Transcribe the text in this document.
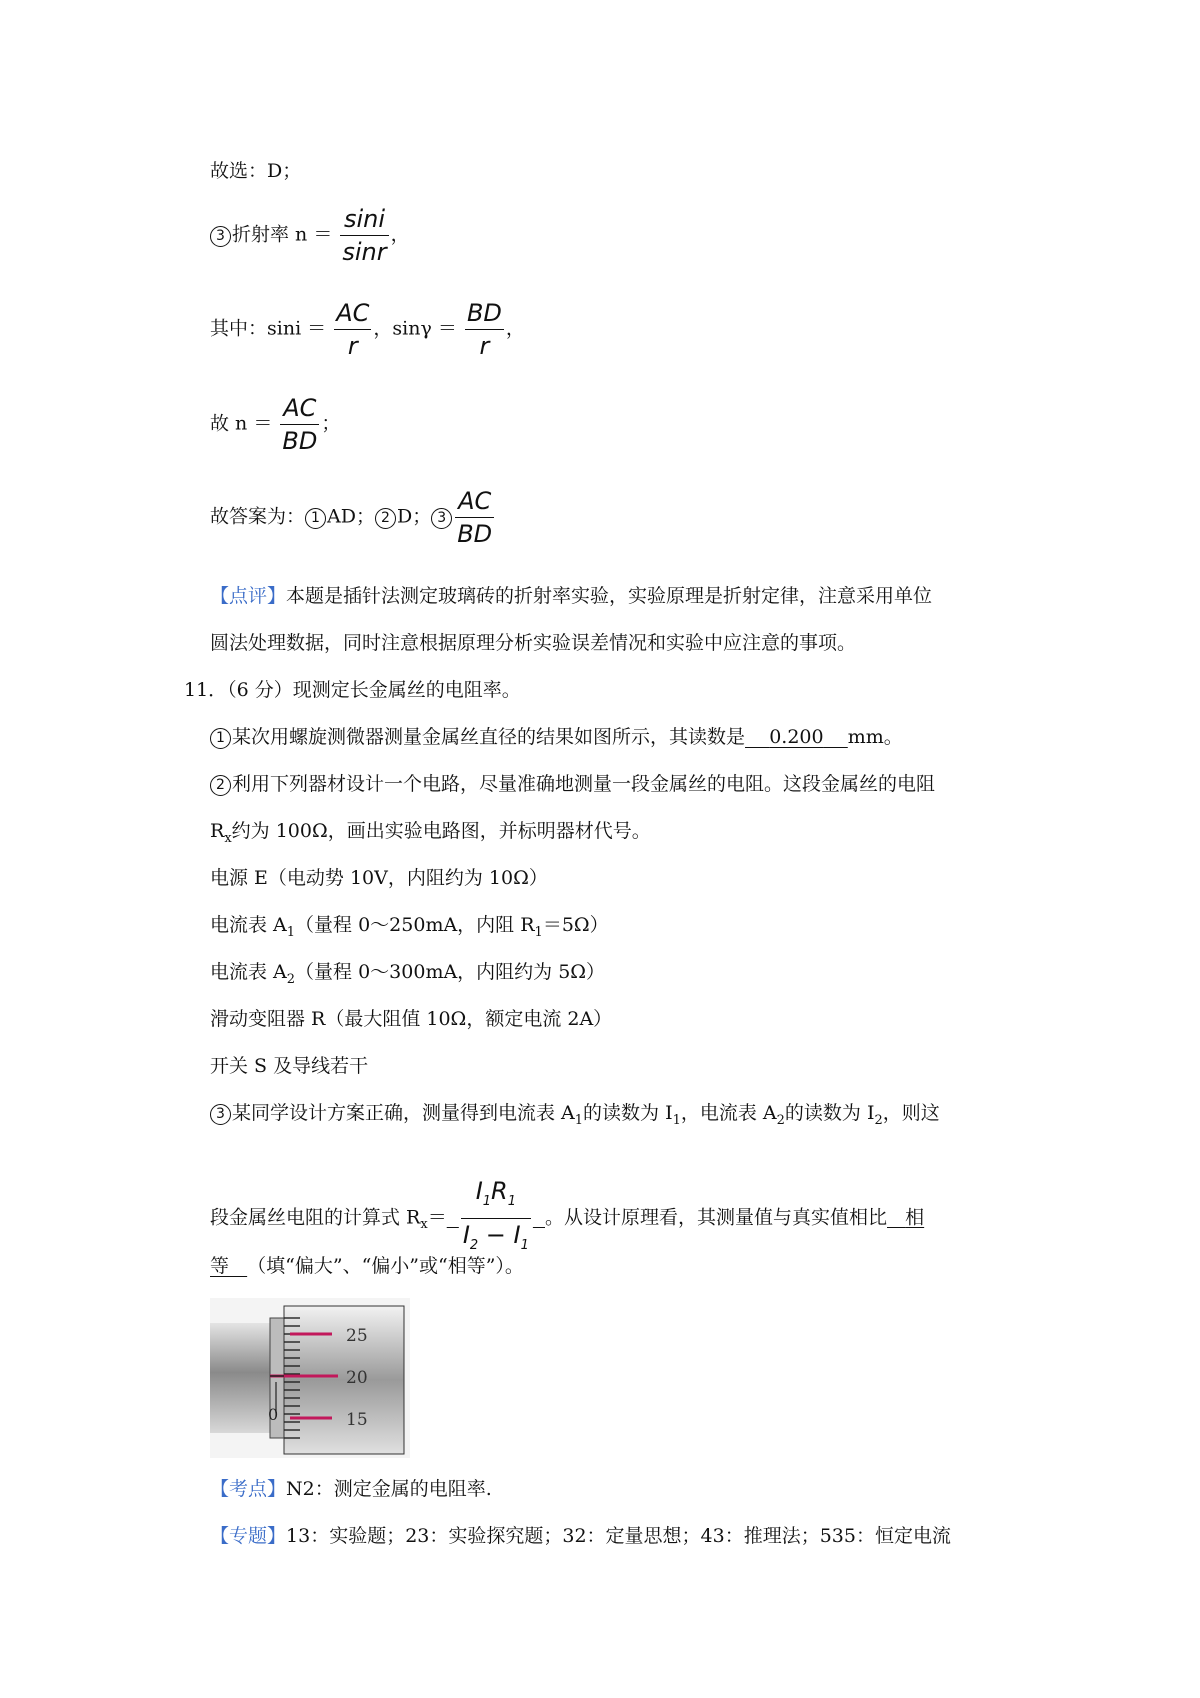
故选：D；
3 折射率 $n = \frac{\sin i}{\sin r}$ ，
其中：$\sin i = \frac{AC}{r}$ ，$\sin\gamma = \frac{BD}{r}$ ，
故 $n = \frac{AC}{BD}$ ；
故答案为： 1 AD； 2 D； $3 \frac{AC}{BD}$
【点评】本题是插针法测定玻璃砖的折射率实验，实验原理是折射定律，注意采用单位
圆法处理数据，同时注意根据原理分析实验误差情况和实验中应注意的事项。
11．（6 分）现测定长金属丝的电阻率。
1 某次用螺旋测微器测量金属丝直径的结果如图所示，其读数是 0.200 mm。
2 利用下列器材设计一个电路，尽量准确地测量一段金属丝的电阻。这段金属丝的电阻
$R_x$约为 100Ω，画出实验电路图，并标明器材代号。
电源 E（电动势 10V，内阻约为 10Ω）
电流表 $A_1$（量程 0～250mA，内阻 $R_1=5\Omega$）
电流表 $A_2$（量程 0～300mA，内阻约为 5Ω）
滑动变阻器 R（最大阻值 10Ω，额定电流 2A）
开关 S 及导线若干
3 某同学设计方案正确，测量得到电流表 $A_1$的读数为 $I_1$，电流表 $A_2$的读数为 $I_2$，则这
段金属丝电阻的计算式 $R_x= \frac{I_1R_1}{I_2 - I_1}$ 。从设计原理看，其测量值与真实值相比 相
等 （填“偏大”、“偏小”或“相等”）。
0
25
20
15
【考点】N2：测定金属的电阻率.
【专题】13：实验题；23：实验探究题；32：定量思想；43：推理法；535：恒定电流
